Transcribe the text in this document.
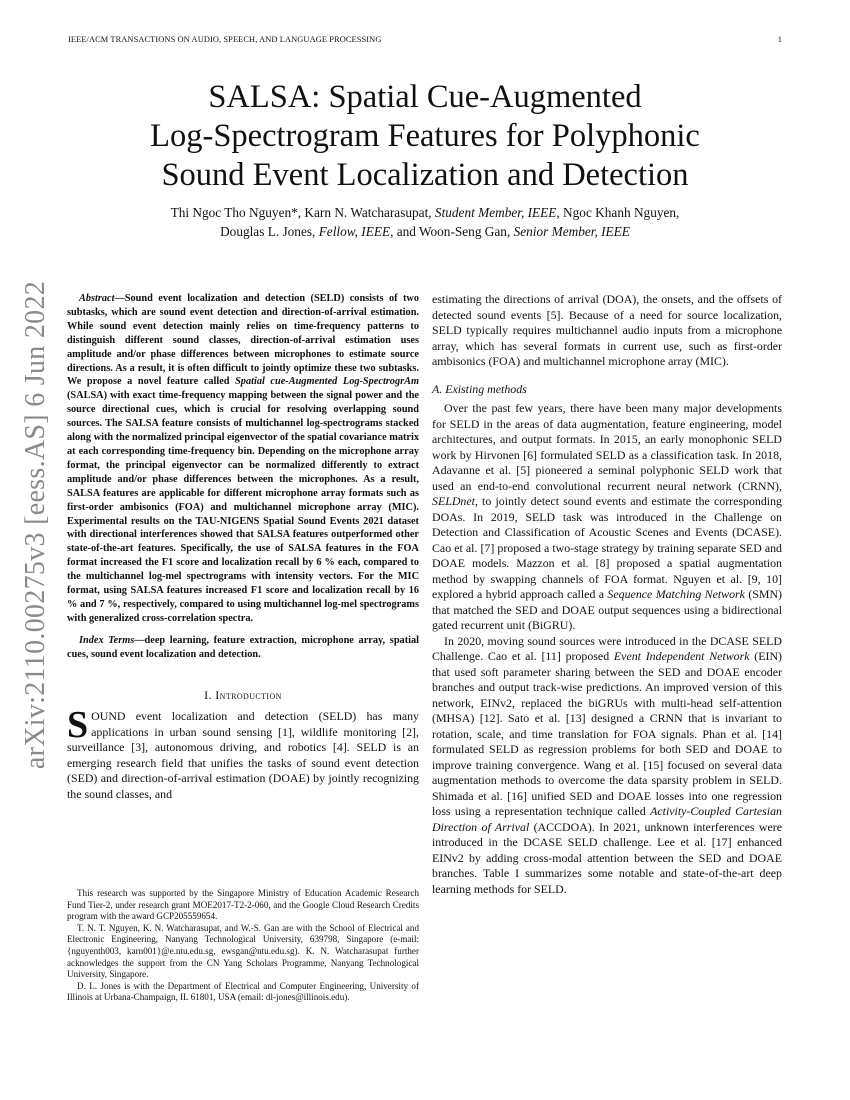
IEEE/ACM TRANSACTIONS ON AUDIO, SPEECH, AND LANGUAGE PROCESSING	1
SALSA: Spatial Cue-Augmented
Log-Spectrogram Features for Polyphonic
Sound Event Localization and Detection
Thi Ngoc Tho Nguyen*, Karn N. Watcharasupat, Student Member, IEEE, Ngoc Khanh Nguyen,
Douglas L. Jones, Fellow, IEEE, and Woon-Seng Gan, Senior Member, IEEE
arXiv:2110.00275v3 [eess.AS] 6 Jun 2022	Abstract—Sound event localization and detection (SELD) consists of two subtasks, which are sound event detection and direction-of-arrival estimation. While sound event detection mainly relies on time-frequency patterns to distinguish different sound classes, direction-of-arrival estimation uses amplitude and/or phase differences between microphones to estimate source directions. As a result, it is often difficult to jointly optimize these two subtasks. We propose a novel feature called Spatial cue-Augmented Log-SpectrogrAm (SALSA) with exact time-frequency mapping between the signal power and the source directional cues, which is crucial for resolving overlapping sound sources. The SALSA feature consists of multichannel log-spectrograms stacked along with the normalized principal eigenvector of the spatial covariance matrix at each corresponding time-frequency bin. Depending on the microphone array format, the principal eigenvector can be normalized differently to extract amplitude and/or phase differences between the microphones. As a result, SALSA features are applicable for different microphone array formats such as first-order ambisonics (FOA) and multichannel microphone array (MIC). Experimental results on the TAU-NIGENS Spatial Sound Events 2021 dataset with directional interferences showed that SALSA features outperformed other state-of-the-art features. Specifically, the use of SALSA features in the FOA format increased the F1 score and localization recall by 6 % each, compared to the multichannel log-mel spectrograms with intensity vectors. For the MIC format, using SALSA features increased F1 score and localization recall by 16 % and 7 %, respectively, compared to using multichannel log-mel spectrograms with generalized cross-correlation spectra.

Index Terms—deep learning, feature extraction, microphone array, spatial cues, sound event localization and detection.

I. Introduction

SOUND event localization and detection (SELD) has many applications in urban sound sensing [1], wildlife monitoring [2], surveillance [3], autonomous driving, and robotics [4]. SELD is an emerging research field that unifies the tasks of sound event detection (SED) and direction-of-arrival estimation (DOAE) by jointly recognizing the sound classes, and

This research was supported by the Singapore Ministry of Education Academic Research Fund Tier-2, under research grant MOE2017-T2-2-060, and the Google Cloud Research Credits program with the award GCP205559654.

T. N. T. Nguyen, K. N. Watcharasupat, and W.-S. Gan are with the School of Electrical and Electronic Engineering, Nanyang Technological University, 639798, Singapore (e-mail: {nguyenth003, karn001}@e.ntu.edu.sg, ewsgan@ntu.edu.sg). K. N. Watcharasupat further acknowledges the support from the CN Yang Scholars Programme, Nanyang Technological University, Singapore.

D. L. Jones is with the Department of Electrical and Computer Engineering, University of Illinois at Urbana-Champaign, IL 61801, USA (email: dl-jones@illinois.edu).

estimating the directions of arrival (DOA), the onsets, and the offsets of detected sound events [5]. Because of a need for source localization, SELD typically requires multichannel audio inputs from a microphone array, which has several formats in current use, such as first-order ambisonics (FOA) and multichannel microphone array (MIC).

A. Existing methods

Over the past few years, there have been many major developments for SELD in the areas of data augmentation, feature engineering, model architectures, and output formats. In 2015, an early monophonic SELD work by Hirvonen [6] formulated SELD as a classification task. In 2018, Adavanne et al. [5] pioneered a seminal polyphonic SELD work that used an end-to-end convolutional recurrent neural network (CRNN), SELDnet, to jointly detect sound events and estimate the corresponding DOAs. In 2019, SELD task was introduced in the Challenge on Detection and Classification of Acoustic Scenes and Events (DCASE). Cao et al. [7] proposed a two-stage strategy by training separate SED and DOAE models. Mazzon et al. [8] proposed a spatial augmentation method by swapping channels of FOA format. Nguyen et al. [9, 10] explored a hybrid approach called a Sequence Matching Network (SMN) that matched the SED and DOAE output sequences using a bidirectional gated recurrent unit (BiGRU).

In 2020, moving sound sources were introduced in the DCASE SELD Challenge. Cao et al. [11] proposed Event Independent Network (EIN) that used soft parameter sharing between the SED and DOAE encoder branches and output track-wise predictions. An improved version of this network, EINv2, replaced the biGRUs with multi-head self-attention (MHSA) [12]. Sato et al. [13] designed a CRNN that is invariant to rotation, scale, and time translation for FOA signals. Phan et al. [14] formulated SELD as regression problems for both SED and DOAE to improve training convergence. Wang et al. [15] focused on several data augmentation methods to overcome the data sparsity problem in SELD. Shimada et al. [16] unified SED and DOAE losses into one regression loss using a representation technique called Activity-Coupled Cartesian Direction of Arrival (ACCDOA). In 2021, unknown interferences were introduced in the DCASE SELD challenge. Lee et al. [17] enhanced EINv2 by adding cross-modal attention between the SED and DOAE branches. Table I summarizes some notable and state-of-the-art deep learning methods for SELD.
